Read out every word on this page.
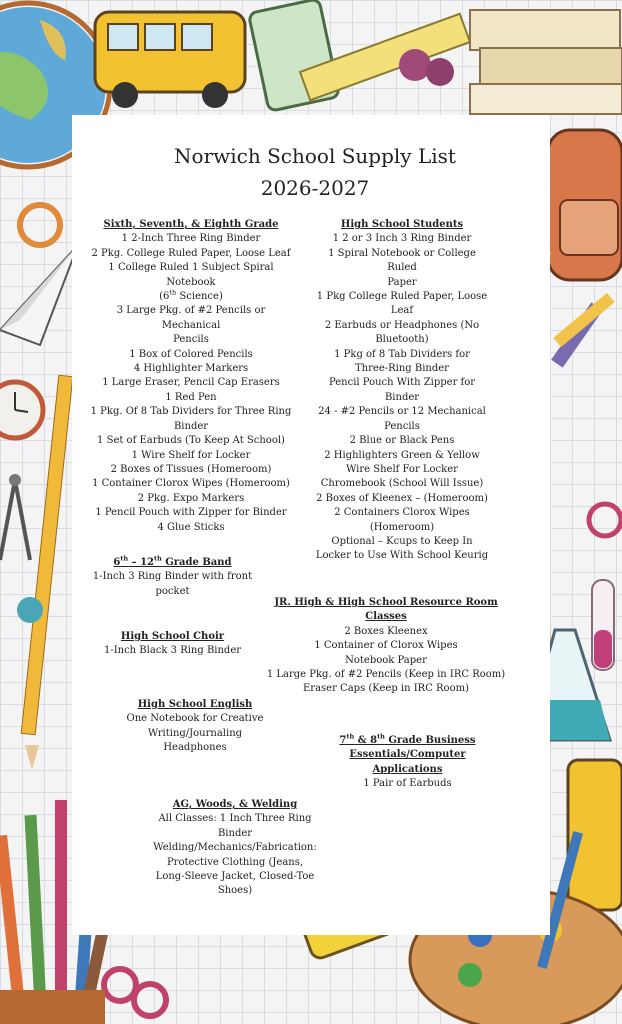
Norwich School Supply List
2026-2027
Sixth, Seventh, & Eighth Grade
1 2-Inch Three Ring Binder
2 Pkg. College Ruled Paper, Loose Leaf
1 College Ruled 1 Subject Spiral Notebook
(6th Science)
3 Large Pkg. of #2 Pencils or Mechanical
Pencils
1 Box of Colored Pencils
4 Highlighter Markers
1 Large Eraser, Pencil Cap Erasers
1 Red Pen
1 Pkg. Of 8 Tab Dividers for Three Ring
Binder
1 Set of Earbuds (To Keep At School)
1 Wire Shelf for Locker
2 Boxes of Tissues (Homeroom)
1 Container Clorox Wipes (Homeroom)
2 Pkg. Expo Markers
1 Pencil Pouch with Zipper for Binder
4 Glue Sticks
High School Students
1 2 or 3 Inch 3 Ring Binder
1 Spiral Notebook or College Ruled
Paper
1 Pkg College Ruled Paper, Loose
Leaf
2 Earbuds or Headphones (No
Bluetooth)
1 Pkg of 8 Tab Dividers for
Three-Ring Binder
Pencil Pouch With Zipper for
Binder
24 - #2 Pencils or 12 Mechanical
Pencils
2 Blue or Black Pens
2 Highlighters Green & Yellow
Wire Shelf For Locker
Chromebook (School Will Issue)
2 Boxes of Kleenex – (Homeroom)
2 Containers Clorox Wipes
(Homeroom)
Optional – Kcups to Keep In
Locker to Use With School Keurig
6th – 12th Grade Band
1-Inch 3 Ring Binder with front
pocket
JR. High & High School Resource Room
Classes
2 Boxes Kleenex
1 Container of Clorox Wipes
Notebook Paper
1 Large Pkg. of #2 Pencils (Keep in IRC Room)
Eraser Caps (Keep in IRC Room)
High School Choir
1-Inch Black 3 Ring Binder
High School English
One Notebook for Creative
Writing/Journaling
Headphones
7th & 8th Grade Business
Essentials/Computer
Applications
1 Pair of Earbuds
AG, Woods, & Welding
All Classes: 1 Inch Three Ring
Binder
Welding/Mechanics/Fabrication:
Protective Clothing (Jeans,
Long-Sleeve Jacket, Closed-Toe
Shoes)
